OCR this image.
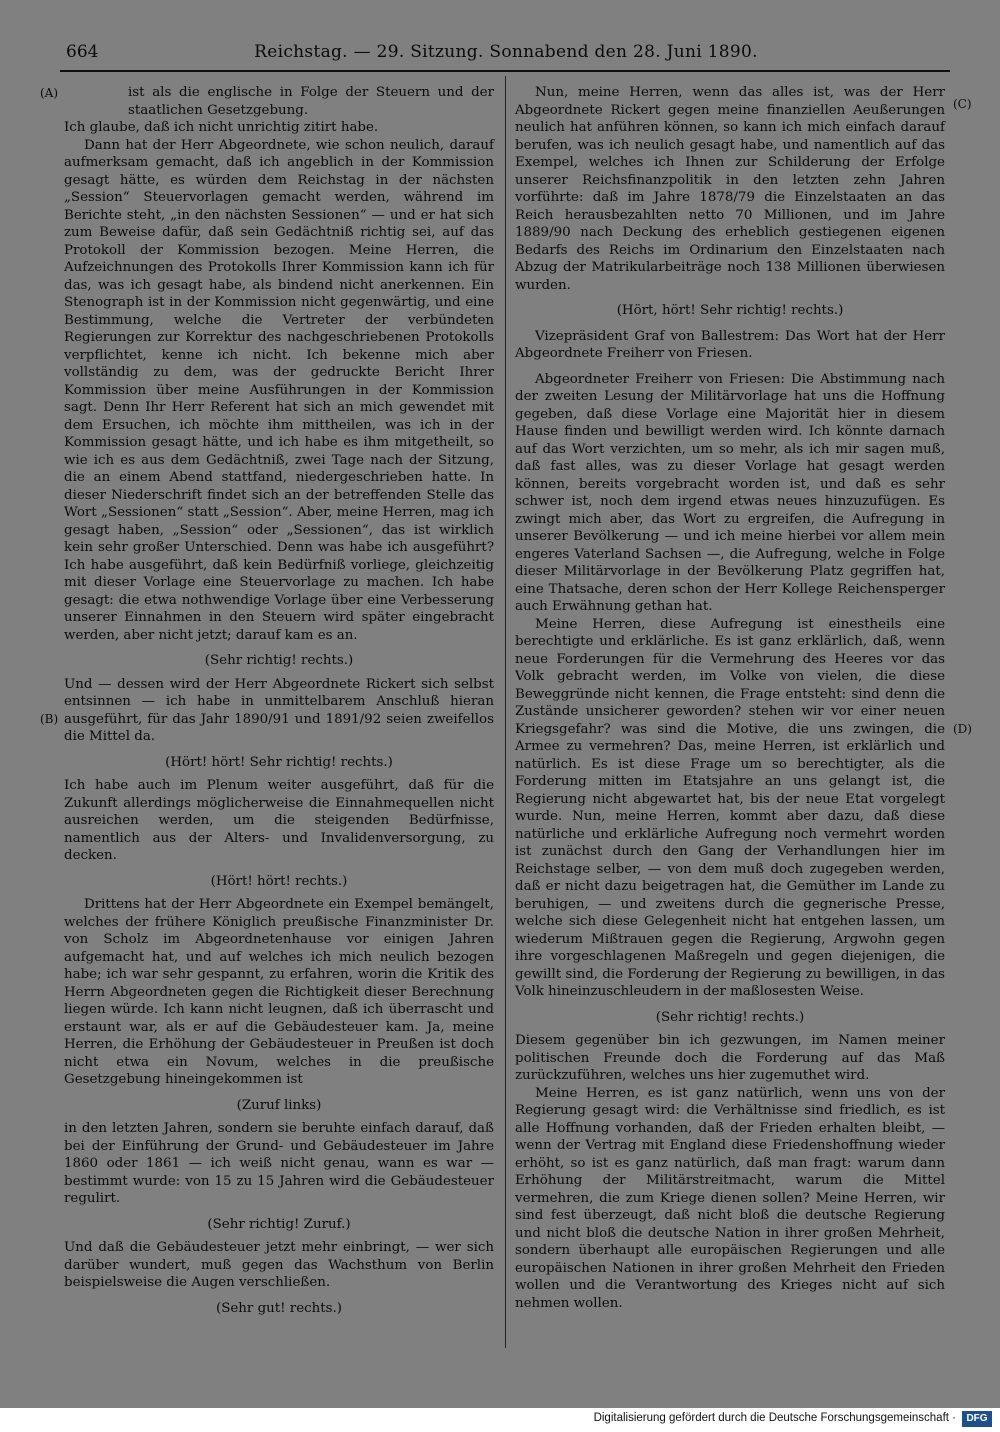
664	Reichstag. — 29. Sitzung. Sonnabend den 28. Juni 1890.
(A)
(B)
(C)
(D)

ist als die englische in Folge der Steuern und der staatlichen Gesetzgebung.

Ich glaube, daß ich nicht unrichtig zitirt habe.

Dann hat der Herr Abgeordnete, wie schon neulich, darauf aufmerksam gemacht, daß ich angeblich in der Kommission gesagt hätte, es würden dem Reichstag in der nächsten „Session“ Steuervorlagen gemacht werden, während im Berichte steht, „in den nächsten Sessionen“ — und er hat sich zum Beweise dafür, daß sein Gedächtniß richtig sei, auf das Protokoll der Kommission bezogen. Meine Herren, die Aufzeichnungen des Protokolls Ihrer Kommission kann ich für das, was ich gesagt habe, als bindend nicht anerkennen. Ein Stenograph ist in der Kommission nicht gegenwärtig, und eine Bestimmung, welche die Vertreter der verbündeten Regierungen zur Korrektur des nachgeschriebenen Protokolls verpflichtet, kenne ich nicht. Ich bekenne mich aber vollständig zu dem, was der gedruckte Bericht Ihrer Kommission über meine Ausführungen in der Kommission sagt. Denn Ihr Herr Referent hat sich an mich gewendet mit dem Ersuchen, ich möchte ihm mittheilen, was ich in der Kommission gesagt hätte, und ich habe es ihm mitgetheilt, so wie ich es aus dem Gedächtniß, zwei Tage nach der Sitzung, die an einem Abend stattfand, niedergeschrieben hatte. In dieser Niederschrift findet sich an der betreffenden Stelle das Wort „Sessionen“ statt „Session“. Aber, meine Herren, mag ich gesagt haben, „Session“ oder „Sessionen“, das ist wirklich kein sehr großer Unterschied. Denn was habe ich ausgeführt? Ich habe ausgeführt, daß kein Bedürfniß vorliege, gleichzeitig mit dieser Vorlage eine Steuervorlage zu machen. Ich habe gesagt: die etwa nothwendige Vorlage über eine Verbesserung unserer Einnahmen in den Steuern wird später eingebracht werden, aber nicht jetzt; darauf kam es an.

(Sehr richtig! rechts.)

Und — dessen wird der Herr Abgeordnete Rickert sich selbst entsinnen — ich habe in unmittelbarem Anschluß hieran ausgeführt, für das Jahr 1890/91 und 1891/92 seien zweifellos die Mittel da.

(Hört! hört! Sehr richtig! rechts.)

Ich habe auch im Plenum weiter ausgeführt, daß für die Zukunft allerdings möglicherweise die Einnahmequellen nicht ausreichen werden, um die steigenden Bedürfnisse, namentlich aus der Alters- und Invalidenversorgung, zu decken.

(Hört! hört! rechts.)

Drittens hat der Herr Abgeordnete ein Exempel bemängelt, welches der frühere Königlich preußische Finanzminister Dr. von Scholz im Abgeordnetenhause vor einigen Jahren aufgemacht hat, und auf welches ich mich neulich bezogen habe; ich war sehr gespannt, zu erfahren, worin die Kritik des Herrn Abgeordneten gegen die Richtigkeit dieser Berechnung liegen würde. Ich kann nicht leugnen, daß ich überrascht und erstaunt war, als er auf die Gebäudesteuer kam. Ja, meine Herren, die Erhöhung der Gebäudesteuer in Preußen ist doch nicht etwa ein Novum, welches in die preußische Gesetzgebung hineingekommen ist

(Zuruf links)

in den letzten Jahren, sondern sie beruhte einfach darauf, daß bei der Einführung der Grund- und Gebäudesteuer im Jahre 1860 oder 1861 — ich weiß nicht genau, wann es war — bestimmt wurde: von 15 zu 15 Jahren wird die Gebäudesteuer regulirt.

(Sehr richtig! Zuruf.)

Und daß die Gebäudesteuer jetzt mehr einbringt, — wer sich darüber wundert, muß gegen das Wachsthum von Berlin beispielsweise die Augen verschließen.

(Sehr gut! rechts.)

Nun, meine Herren, wenn das alles ist, was der Herr Abgeordnete Rickert gegen meine finanziellen Aeußerungen neulich hat anführen können, so kann ich mich einfach darauf berufen, was ich neulich gesagt habe, und namentlich auf das Exempel, welches ich Ihnen zur Schilderung der Erfolge unserer Reichsfinanzpolitik in den letzten zehn Jahren vorführte: daß im Jahre 1878/79 die Einzelstaaten an das Reich herausbezahlten netto 70 Millionen, und im Jahre 1889/90 nach Deckung des erheblich gestiegenen eigenen Bedarfs des Reichs im Ordinarium den Einzelstaaten nach Abzug der Matrikularbeiträge noch 138 Millionen überwiesen wurden.

(Hört, hört! Sehr richtig! rechts.)

Vizepräsident Graf von Ballestrem: Das Wort hat der Herr Abgeordnete Freiherr von Friesen.

Abgeordneter Freiherr von Friesen: Die Abstimmung nach der zweiten Lesung der Militärvorlage hat uns die Hoffnung gegeben, daß diese Vorlage eine Majorität hier in diesem Hause finden und bewilligt werden wird. Ich könnte darnach auf das Wort verzichten, um so mehr, als ich mir sagen muß, daß fast alles, was zu dieser Vorlage hat gesagt werden können, bereits vorgebracht worden ist, und daß es sehr schwer ist, noch dem irgend etwas neues hinzuzufügen. Es zwingt mich aber, das Wort zu ergreifen, die Aufregung in unserer Bevölkerung — und ich meine hierbei vor allem mein engeres Vaterland Sachsen —, die Aufregung, welche in Folge dieser Militärvorlage in der Bevölkerung Platz gegriffen hat, eine Thatsache, deren schon der Herr Kollege Reichensperger auch Erwähnung gethan hat.

Meine Herren, diese Aufregung ist einestheils eine berechtigte und erklärliche. Es ist ganz erklärlich, daß, wenn neue Forderungen für die Vermehrung des Heeres vor das Volk gebracht werden, im Volke von vielen, die diese Beweggründe nicht kennen, die Frage entsteht: sind denn die Zustände unsicherer geworden? stehen wir vor einer neuen Kriegsgefahr? was sind die Motive, die uns zwingen, die Armee zu vermehren? Das, meine Herren, ist erklärlich und natürlich. Es ist diese Frage um so berechtigter, als die Forderung mitten im Etatsjahre an uns gelangt ist, die Regierung nicht abgewartet hat, bis der neue Etat vorgelegt wurde. Nun, meine Herren, kommt aber dazu, daß diese natürliche und erklärliche Aufregung noch vermehrt worden ist zunächst durch den Gang der Verhandlungen hier im Reichstage selber, — von dem muß doch zugegeben werden, daß er nicht dazu beigetragen hat, die Gemüther im Lande zu beruhigen, — und zweitens durch die gegnerische Presse, welche sich diese Gelegenheit nicht hat entgehen lassen, um wiederum Mißtrauen gegen die Regierung, Argwohn gegen ihre vorgeschlagenen Maßregeln und gegen diejenigen, die gewillt sind, die Forderung der Regierung zu bewilligen, in das Volk hineinzuschleudern in der maßlosesten Weise.

(Sehr richtig! rechts.)

Diesem gegenüber bin ich gezwungen, im Namen meiner politischen Freunde doch die Forderung auf das Maß zurückzuführen, welches uns hier zugemuthet wird.

Meine Herren, es ist ganz natürlich, wenn uns von der Regierung gesagt wird: die Verhältnisse sind friedlich, es ist alle Hoffnung vorhanden, daß der Frieden erhalten bleibt, — wenn der Vertrag mit England diese Friedenshoffnung wieder erhöht, so ist es ganz natürlich, daß man fragt: warum dann Erhöhung der Militärstreitmacht, warum die Mittel vermehren, die zum Kriege dienen sollen? Meine Herren, wir sind fest überzeugt, daß nicht bloß die deutsche Regierung und nicht bloß die deutsche Nation in ihrer großen Mehrheit, sondern überhaupt alle europäischen Regierungen und alle europäischen Nationen in ihrer großen Mehrheit den Frieden wollen und die Verantwortung des Krieges nicht auf sich nehmen wollen.

Digitalisierung gefördert durch die Deutsche Forschungsgemeinschaft ·	DFG
